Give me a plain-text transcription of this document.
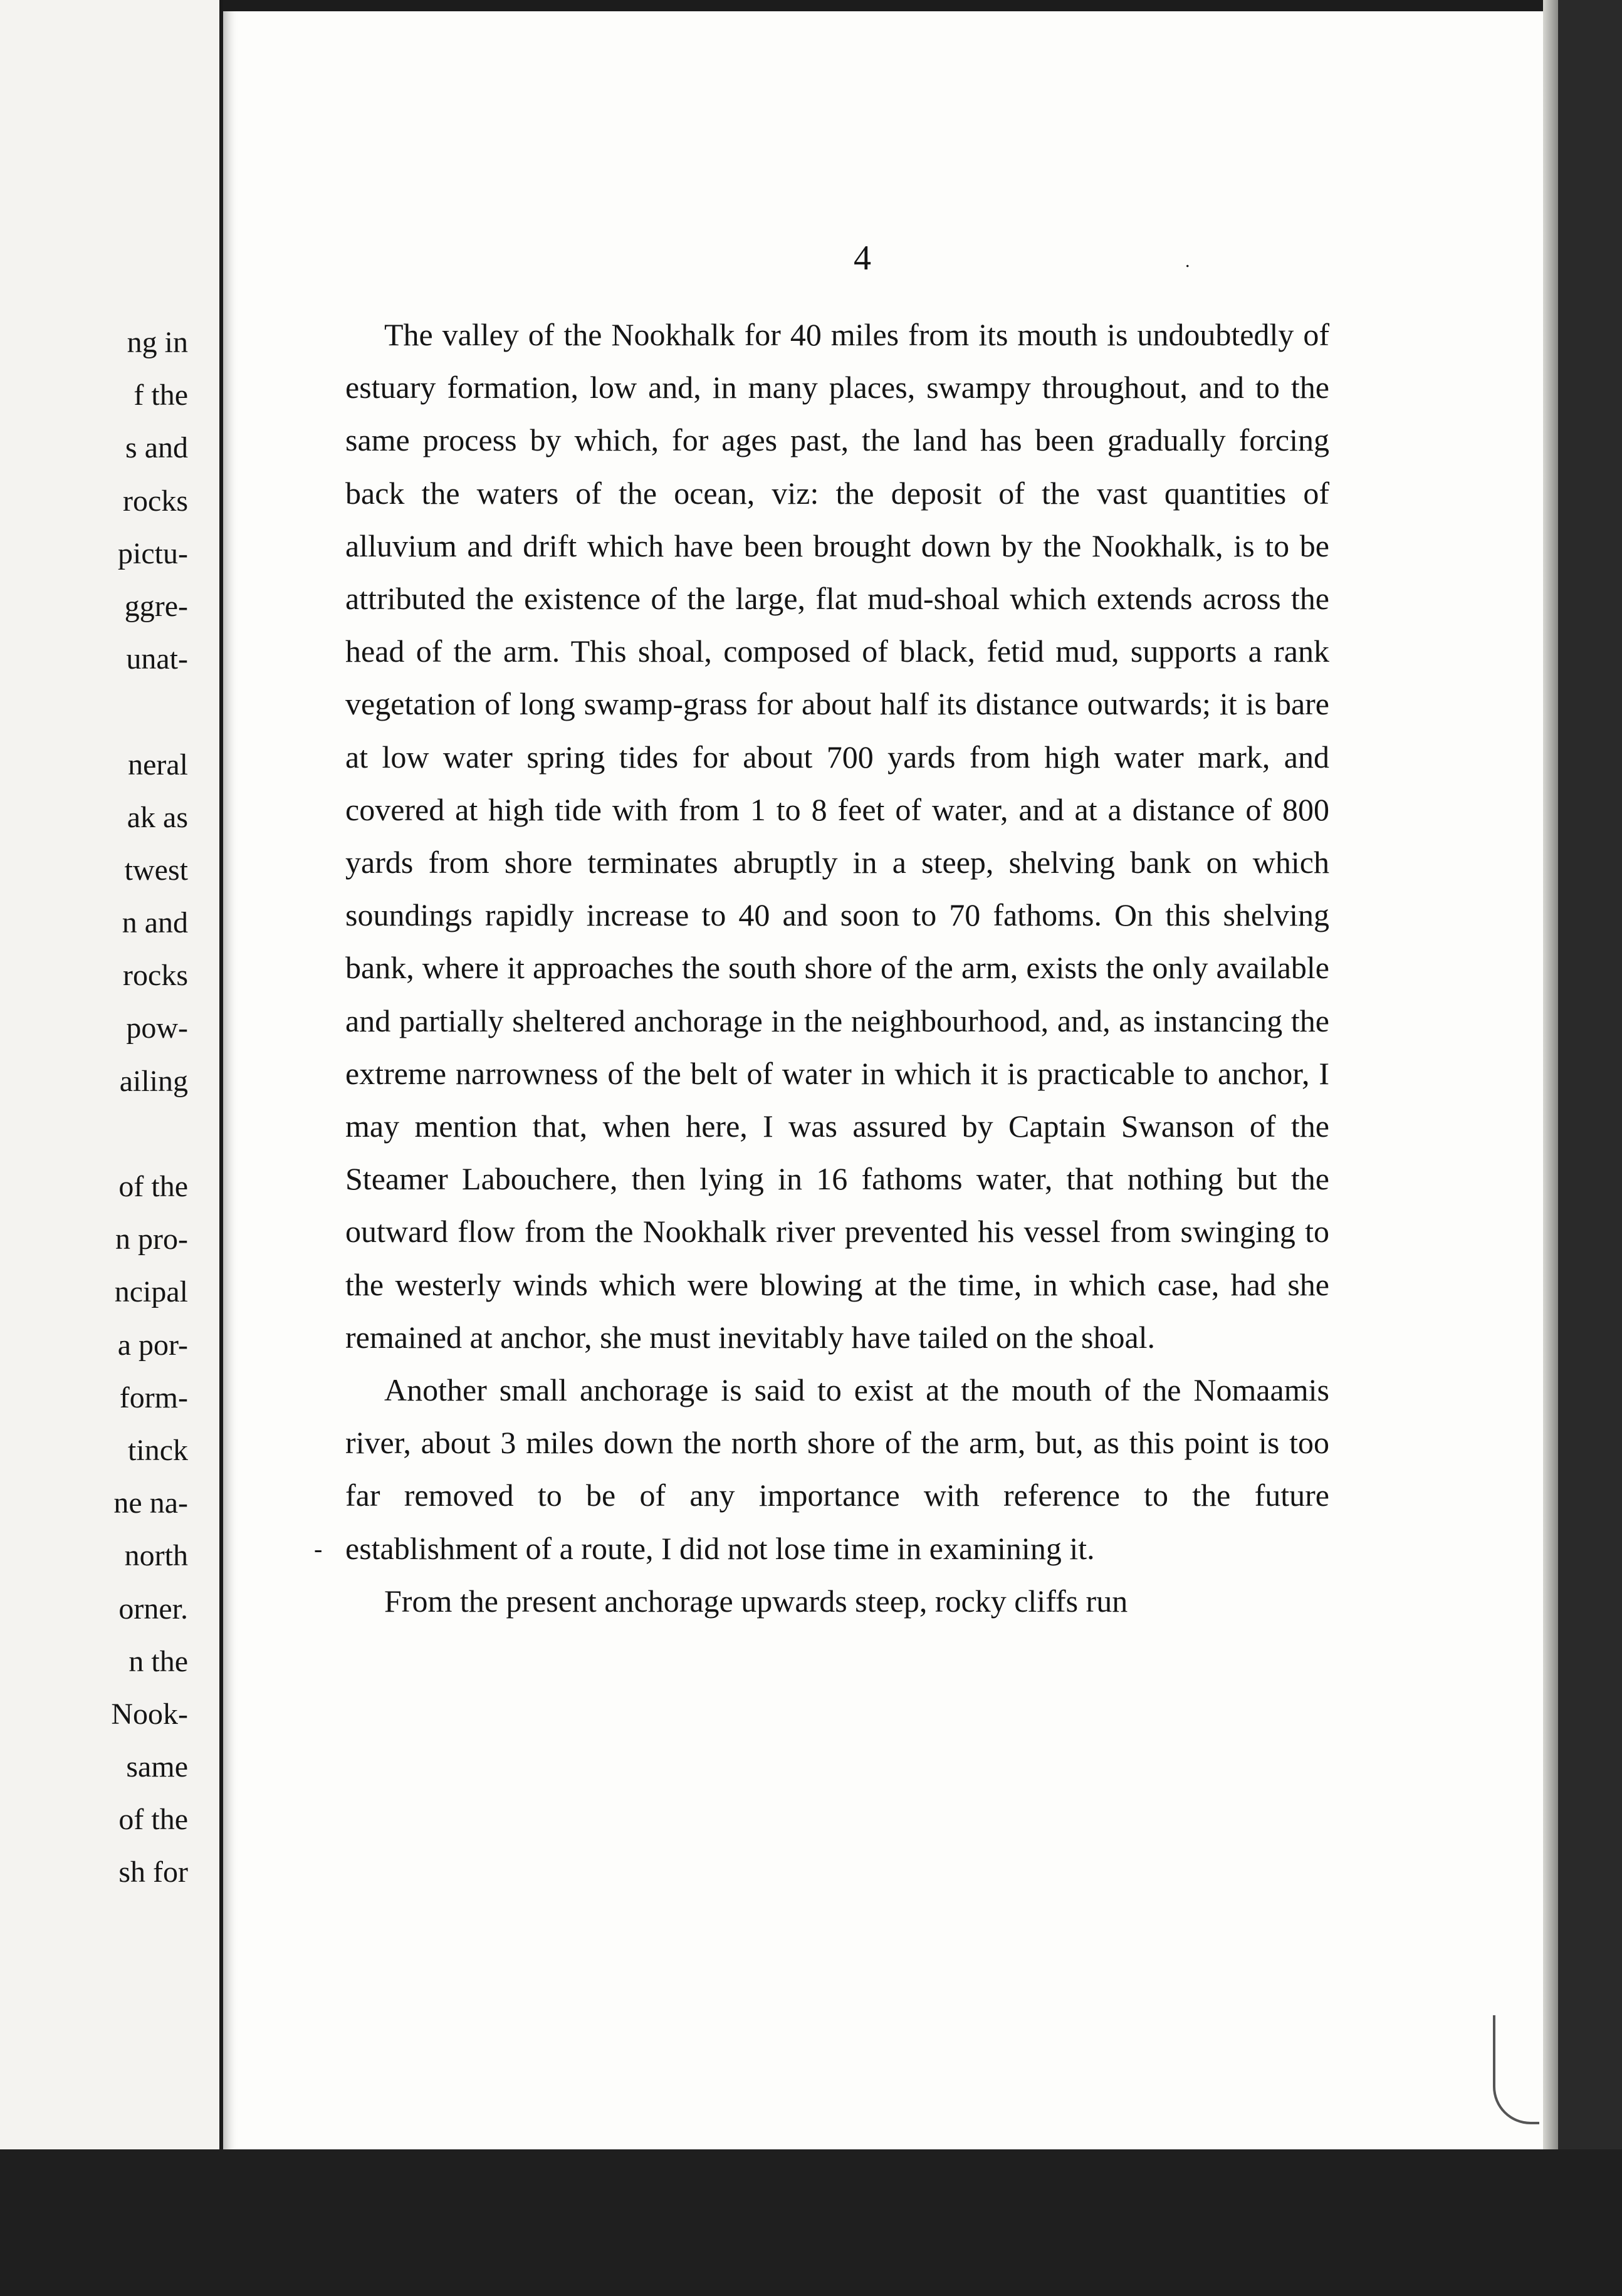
ng in
f the
s and
rocks
pictu-
ggre-
unat-
neral
ak as
twest
n and
rocks
pow-
ailing
of the
n pro-
ncipal
a por-
form-
tinck
ne na-
north
orner.
n the
Nook-
same
of the
sh for
4	.
-

The valley of the Nookhalk for 40 miles from its mouth is undoubtedly of estuary formation, low and, in many places, swampy throughout, and to the same process by which, for ages past, the land has been gradually forcing back the waters of the ocean, viz: the deposit of the vast quantities of alluvium and drift which have been brought down by the Nookhalk, is to be attributed the existence of the large, flat mud-shoal which extends across the head of the arm. This shoal, composed of black, fetid mud, supports a rank vegetation of long swamp-grass for about half its distance outwards; it is bare at low water spring tides for about 700 yards from high water mark, and covered at high tide with from 1 to 8 feet of water, and at a distance of 800 yards from shore terminates abruptly in a steep, shelving bank on which soundings rapidly increase to 40 and soon to 70 fathoms. On this shelving bank, where it approaches the south shore of the arm, exists the only available and partially sheltered anchorage in the neighbourhood, and, as instancing the extreme narrowness of the belt of water in which it is practicable to anchor, I may mention that, when here, I was assured by Captain Swanson of the Steamer Labouchere, then lying in 16 fathoms water, that nothing but the outward flow from the Nookhalk river prevented his vessel from swinging to the westerly winds which were blowing at the time, in which case, had she remained at anchor, she must inevitably have tailed on the shoal.

Another small anchorage is said to exist at the mouth of the Nomaamis river, about 3 miles down the north shore of the arm, but, as this point is too far removed to be of any importance with reference to the future establishment of a route, I did not lose time in examining it.

From the present anchorage upwards steep, rocky cliffs run
